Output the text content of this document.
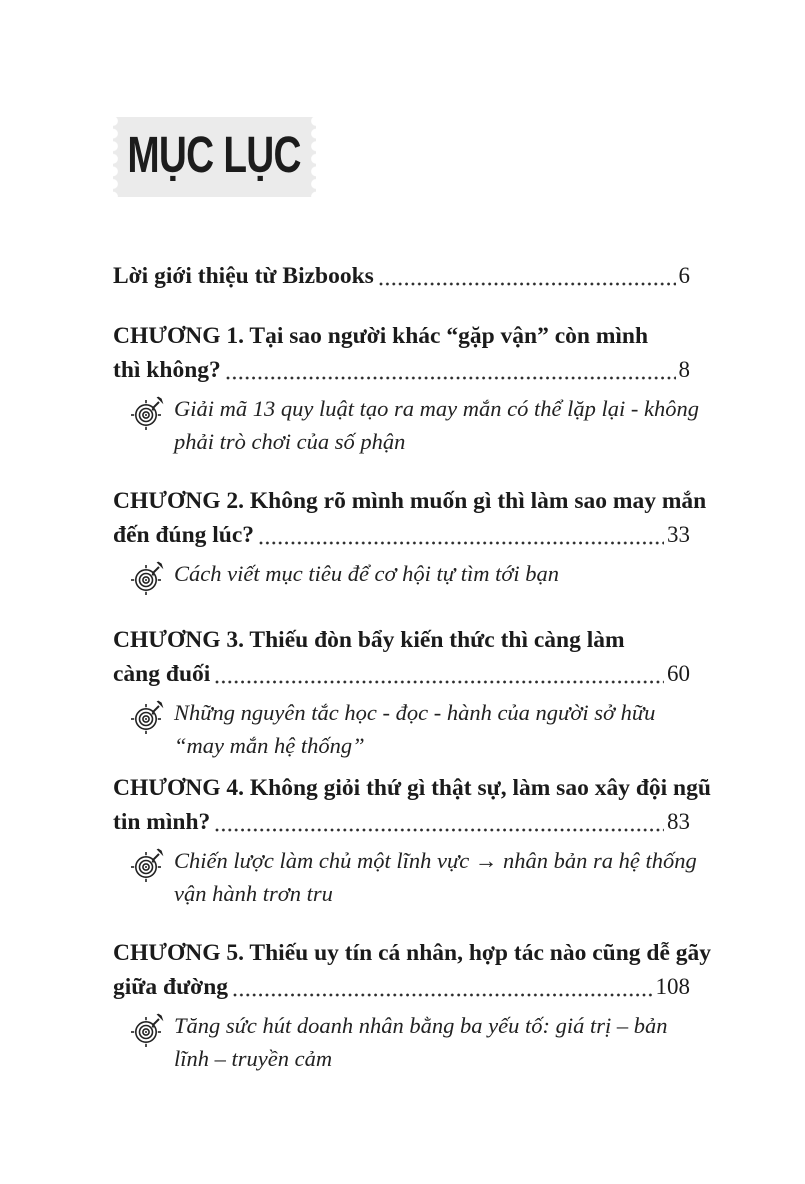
MỤC LỤC
Lời giới thiệu từ Bizbooks	6
CHƯƠNG 1. Tại sao người khác “gặp vận” còn mình
thì không?	8
Giải mã 13 quy luật tạo ra may mắn có thể lặp lại - không
phải trò chơi của số phận
CHƯƠNG 2. Không rõ mình muốn gì thì làm sao may mắn
đến đúng lúc?	33
Cách viết mục tiêu để cơ hội tự tìm tới bạn
CHƯƠNG 3. Thiếu đòn bẩy kiến thức thì càng làm
càng đuối	60
Những nguyên tắc học - đọc - hành của người sở hữu
“may mắn hệ thống”
CHƯƠNG 4. Không giỏi thứ gì thật sự, làm sao xây đội ngũ
tin mình?	83
Chiến lược làm chủ một lĩnh vực → nhân bản ra hệ thống
vận hành trơn tru
CHƯƠNG 5. Thiếu uy tín cá nhân, hợp tác nào cũng dễ gãy
giữa đường	108
Tăng sức hút doanh nhân bằng ba yếu tố: giá trị – bản
lĩnh – truyền cảm
